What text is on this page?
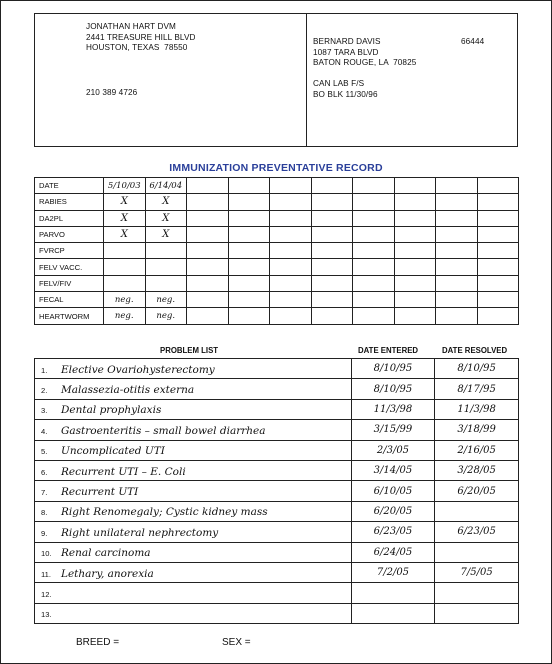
JONATHAN HART DVM
2441 TREASURE HILL BLVD
HOUSTON, TEXAS  78550
210 389 4726
BERNARD DAVIS
1087 TARA BLVD
BATON ROUGE, LA  70825
66444
CAN LAB F/S
BO BLK 11/30/96
IMMUNIZATION PREVENTATIVE RECORD
DATE	5/10/03	6/14/04								
RABIES	X	X								
DA2PL	X	X								
PARVO	X	X								
FVRCP										
FELV VACC.										
FELV/FIV										
FECAL	neg.	neg.								
HEARTWORM	neg.	neg.								
PROBLEM LIST	DATE ENTERED	DATE RESOLVED
1. Elective Ovariohysterectomy	8/10/95	8/10/95
2. Malassezia-otitis externa	8/10/95	8/17/95
3. Dental prophylaxis	11/3/98	11/3/98
4. Gastroenteritis – small bowel diarrhea	3/15/99	3/18/99
5. Uncomplicated UTI	2/3/05	2/16/05
6. Recurrent UTI – E. Coli	3/14/05	3/28/05
7. Recurrent UTI	6/10/05	6/20/05
8. Right Renomegaly; Cystic kidney mass	6/20/05	
9. Right unilateral nephrectomy	6/23/05	6/23/05
10. Renal carcinoma	6/24/05	
11. Lethary, anorexia	7/2/05	7/5/05
12.		
13.		
BREED =	SEX =
